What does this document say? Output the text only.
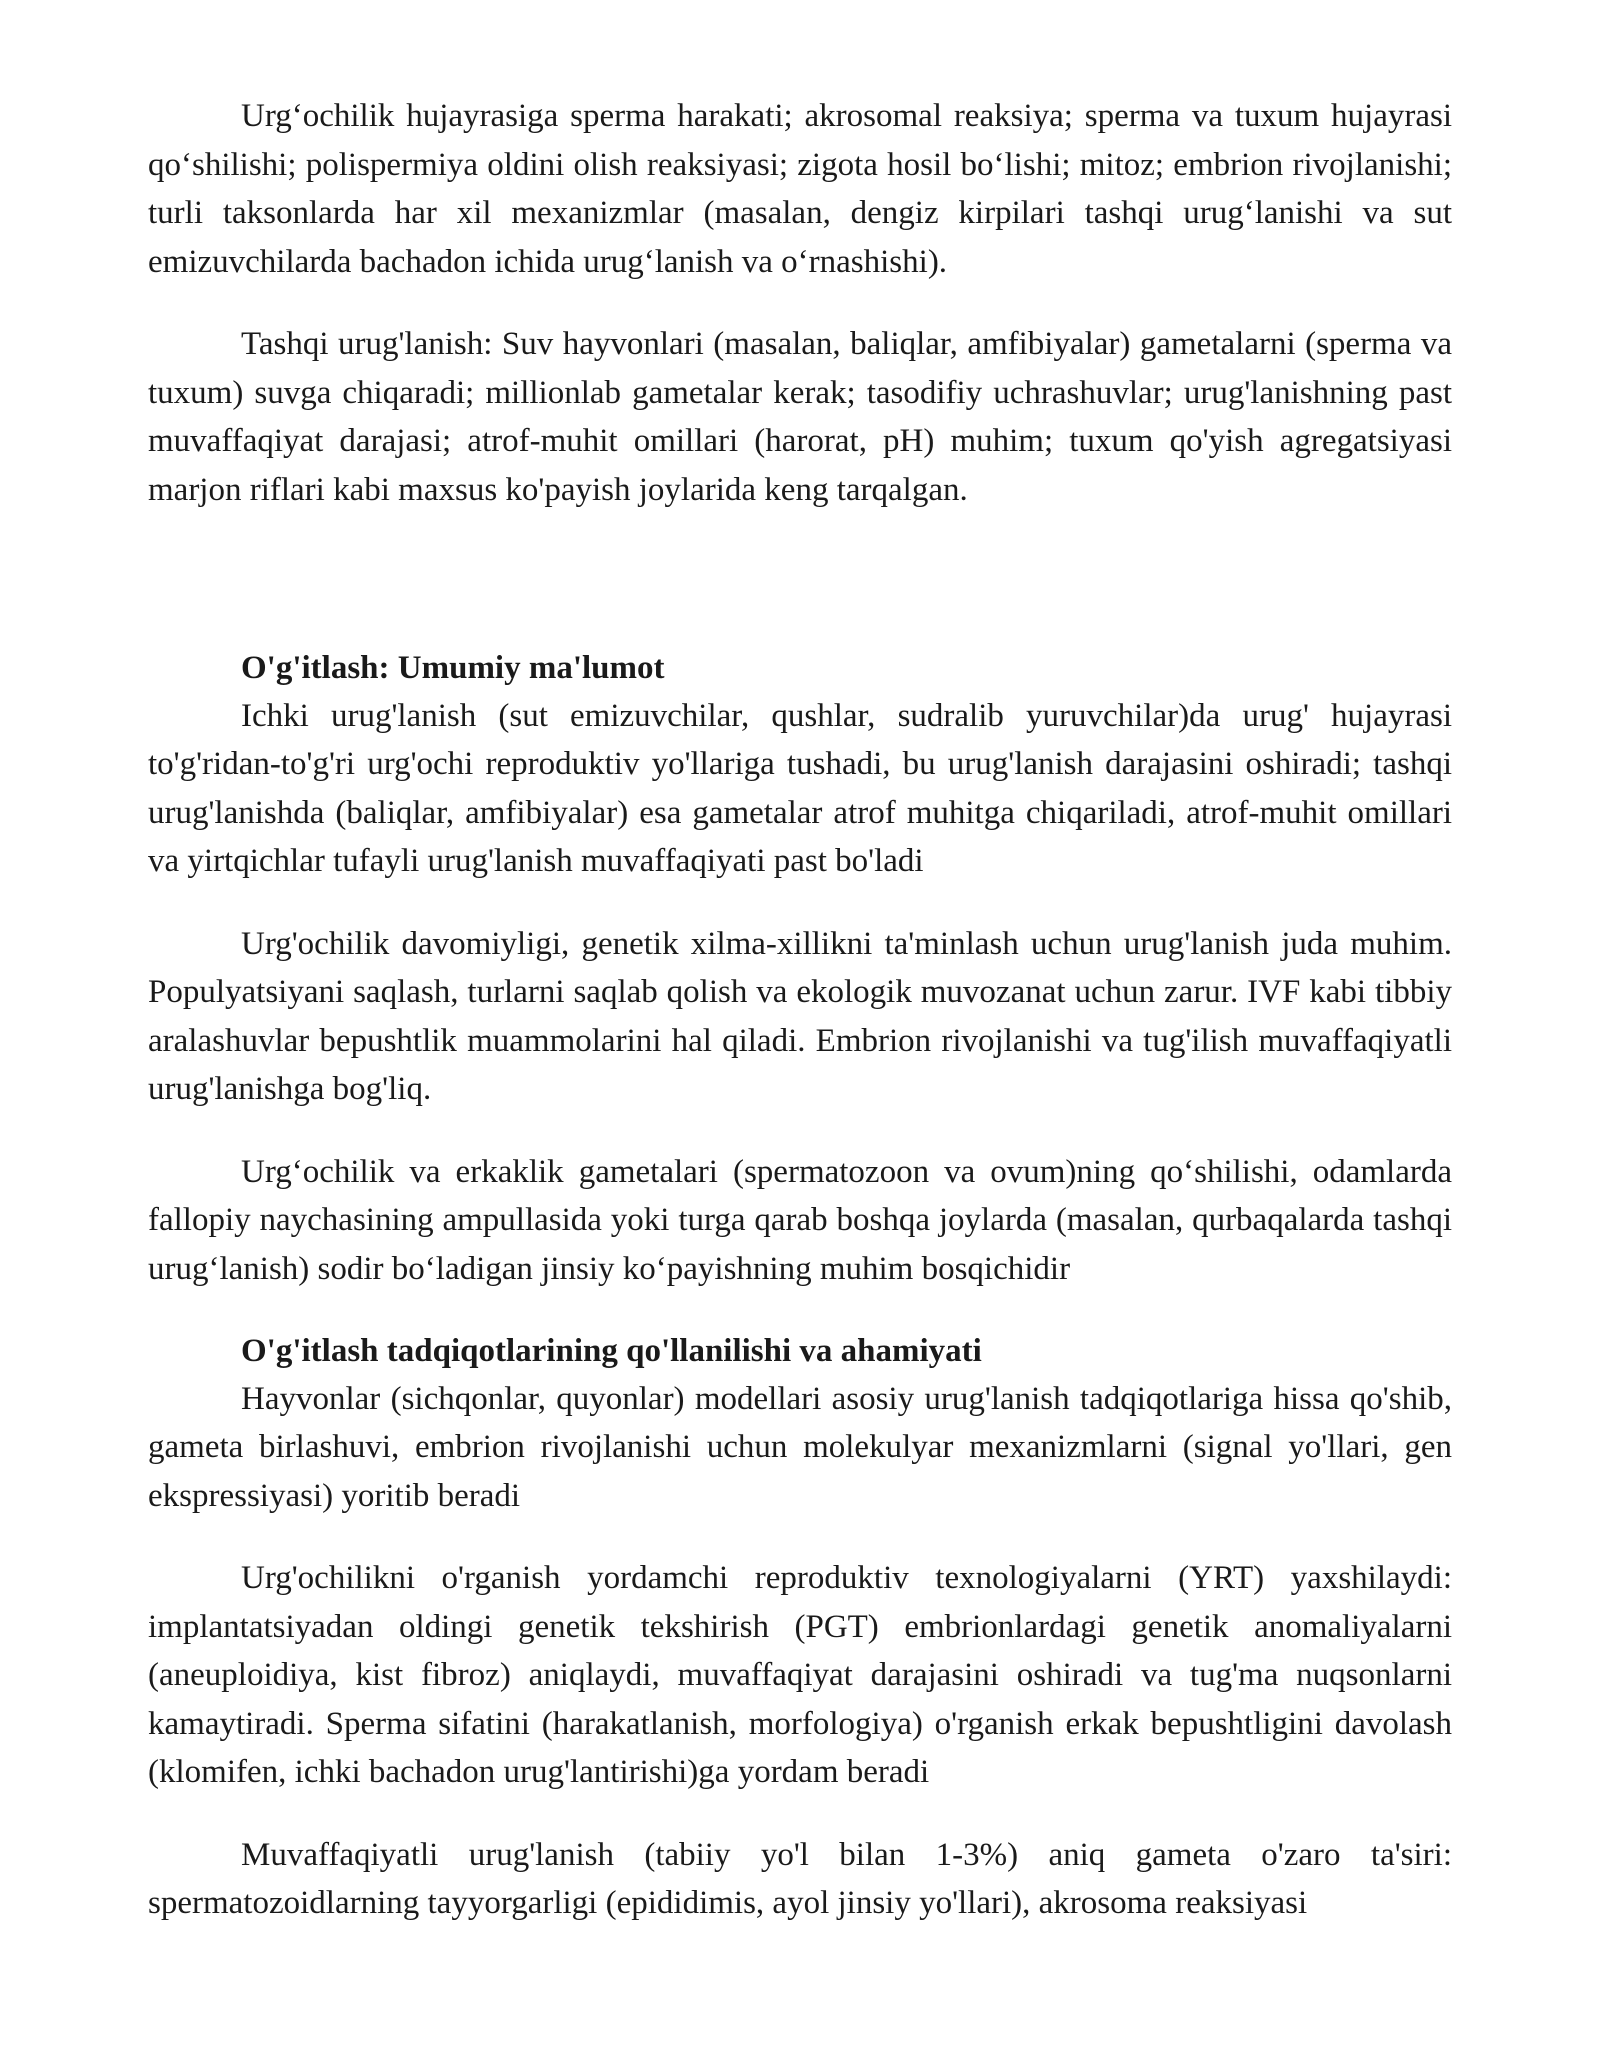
Urg‘ochilik hujayrasiga sperma harakati; akrosomal reaksiya; sperma va tuxum hujayrasi qo‘shilishi; polispermiya oldini olish reaksiyasi; zigota hosil bo‘lishi; mitoz; embrion rivojlanishi; turli taksonlarda har xil mexanizmlar (masalan, dengiz kirpilari tashqi urug‘lanishi va sut emizuvchilarda bachadon ichida urug‘lanish va o‘rnashishi).

Tashqi urug'lanish: Suv hayvonlari (masalan, baliqlar, amfibiyalar) gametalarni (sperma va tuxum) suvga chiqaradi; millionlab gametalar kerak; tasodifiy uchrashuvlar; urug'lanishning past muvaffaqiyat darajasi; atrof-muhit omillari (harorat, pH) muhim; tuxum qo'yish agregatsiyasi marjon riflari kabi maxsus ko'payish joylarida keng tarqalgan.

O'g'itlash: Umumiy ma'lumot

Ichki urug'lanish (sut emizuvchilar, qushlar, sudralib yuruvchilar)da urug' hujayrasi to'g'ridan-to'g'ri urg'ochi reproduktiv yo'llariga tushadi, bu urug'lanish darajasini oshiradi; tashqi urug'lanishda (baliqlar, amfibiyalar) esa gametalar atrof muhitga chiqariladi, atrof-muhit omillari va yirtqichlar tufayli urug'lanish muvaffaqiyati past bo'ladi

Urg'ochilik davomiyligi, genetik xilma-xillikni ta'minlash uchun urug'lanish juda muhim. Populyatsiyani saqlash, turlarni saqlab qolish va ekologik muvozanat uchun zarur. IVF kabi tibbiy aralashuvlar bepushtlik muammolarini hal qiladi. Embrion rivojlanishi va tug'ilish muvaffaqiyatli urug'lanishga bog'liq.

Urg‘ochilik va erkaklik gametalari (spermatozoon va ovum)ning qo‘shilishi, odamlarda fallopiy naychasining ampullasida yoki turga qarab boshqa joylarda (masalan, qurbaqalarda tashqi urug‘lanish) sodir bo‘ladigan jinsiy ko‘payishning muhim bosqichidir

O'g'itlash tadqiqotlarining qo'llanilishi va ahamiyati

Hayvonlar (sichqonlar, quyonlar) modellari asosiy urug'lanish tadqiqotlariga hissa qo'shib, gameta birlashuvi, embrion rivojlanishi uchun molekulyar mexanizmlarni (signal yo'llari, gen ekspressiyasi) yoritib beradi

Urg'ochilikni o'rganish yordamchi reproduktiv texnologiyalarni (YRT) yaxshilaydi: implantatsiyadan oldingi genetik tekshirish (PGT) embrionlardagi genetik anomaliyalarni (aneuploidiya, kist fibroz) aniqlaydi, muvaffaqiyat darajasini oshiradi va tug'ma nuqsonlarni kamaytiradi. Sperma sifatini (harakatlanish, morfologiya) o'rganish erkak bepushtligini davolash (klomifen, ichki bachadon urug'lantirishi)ga yordam beradi

Muvaffaqiyatli urug'lanish (tabiiy yo'l bilan 1-3%) aniq gameta o'zaro ta'siri: spermatozoidlarning tayyorgarligi (epididimis, ayol jinsiy yo'llari), akrosoma reaksiyasi
